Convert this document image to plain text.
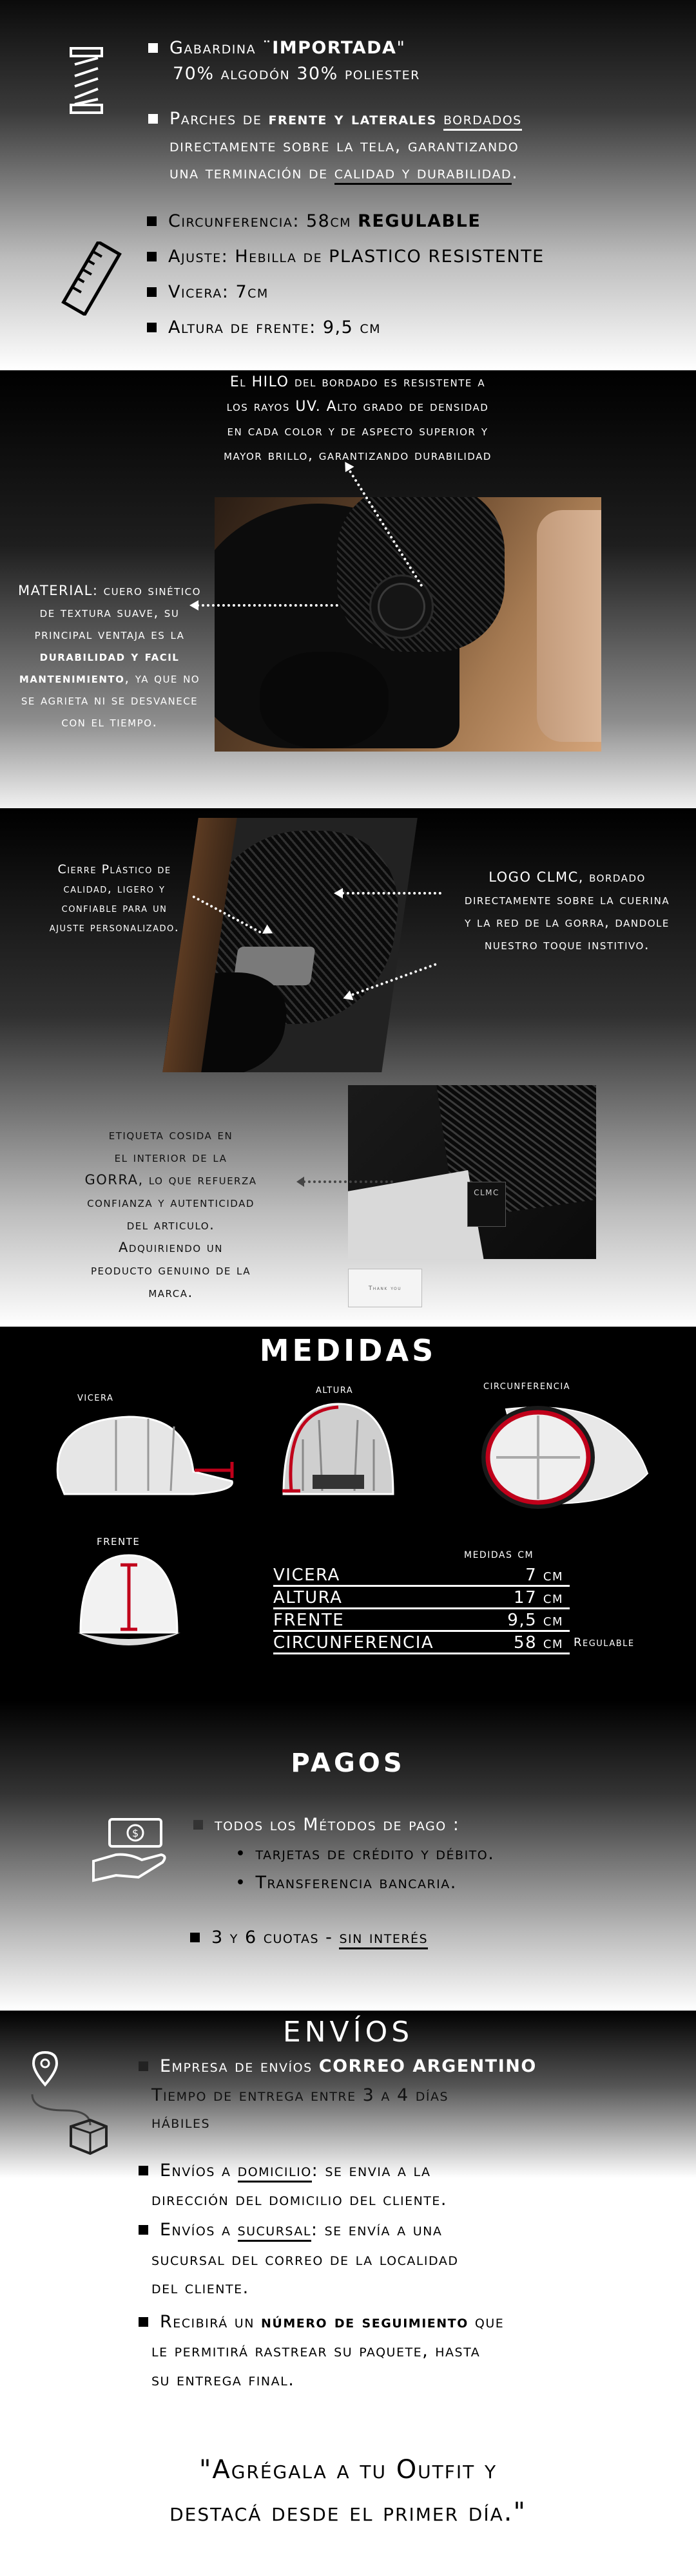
Gabardina ¨IMPORTADA"
70% algodón 30% poliester
Parches de frente y laterales bordados
directamente sobre la tela, garantizando
una terminación de calidad y durabilidad.
Circunferencia: 58cm REGULABLE
Ajuste: Hebilla de PLASTICO RESISTENTE
Vicera: 7cm
Altura de frente: 9,5 cm
El HILO del bordado es resistente a
los rayos UV. Alto grado de densidad
en cada color y de aspecto superior y
mayor brillo, garantizando durabilidad
MATERIAL: cuero sinético de textura suave, su principal ventaja es la durabilidad y facil mantenimiento, ya que no se agrieta ni se desvanece con el tiempo.
Cierre Plástico de
calidad, ligero y
confiable para un
ajuste personalizado.
LOGO CLMC, bordado
directamente sobre la cuerina
y la red de la gorra, dandole
nuestro toque institivo.
CLMC
Thank you
etiqueta cosida en
el interior de la
GORRA, lo que refuerza
confianza y autenticidad
del articulo.
Adquiriendo un
peoducto genuino de la
marca.
MEDIDAS
vicera
altura	circunferencia
frente
medidas cm
VICERA	7 cm
ALTURA	17 cm
FRENTE	9,5 cm
CIRCUNFERENCIA	58 cm Regulable
PAGOS
$	todos los Métodos de pago :
• tarjetas de crédito y débito.
• Transferencia bancaria.
3 y 6 cuotas - sin interés
ENVÍOS
Empresa de envíos CORREO ARGENTINO
Tiempo de entrega entre 3 a 4 días
hábiles
Envíos a domicilio: se envia a la
dirección del domicilio del cliente.
Envíos a sucursal: se envía a una
sucursal del correo de la localidad
del cliente.
Recibirá un número de seguimiento que
le permitirá rastrear su paquete, hasta
su entrega final.
"Agrégala a tu Outfit y
destacá desde el primer día."
